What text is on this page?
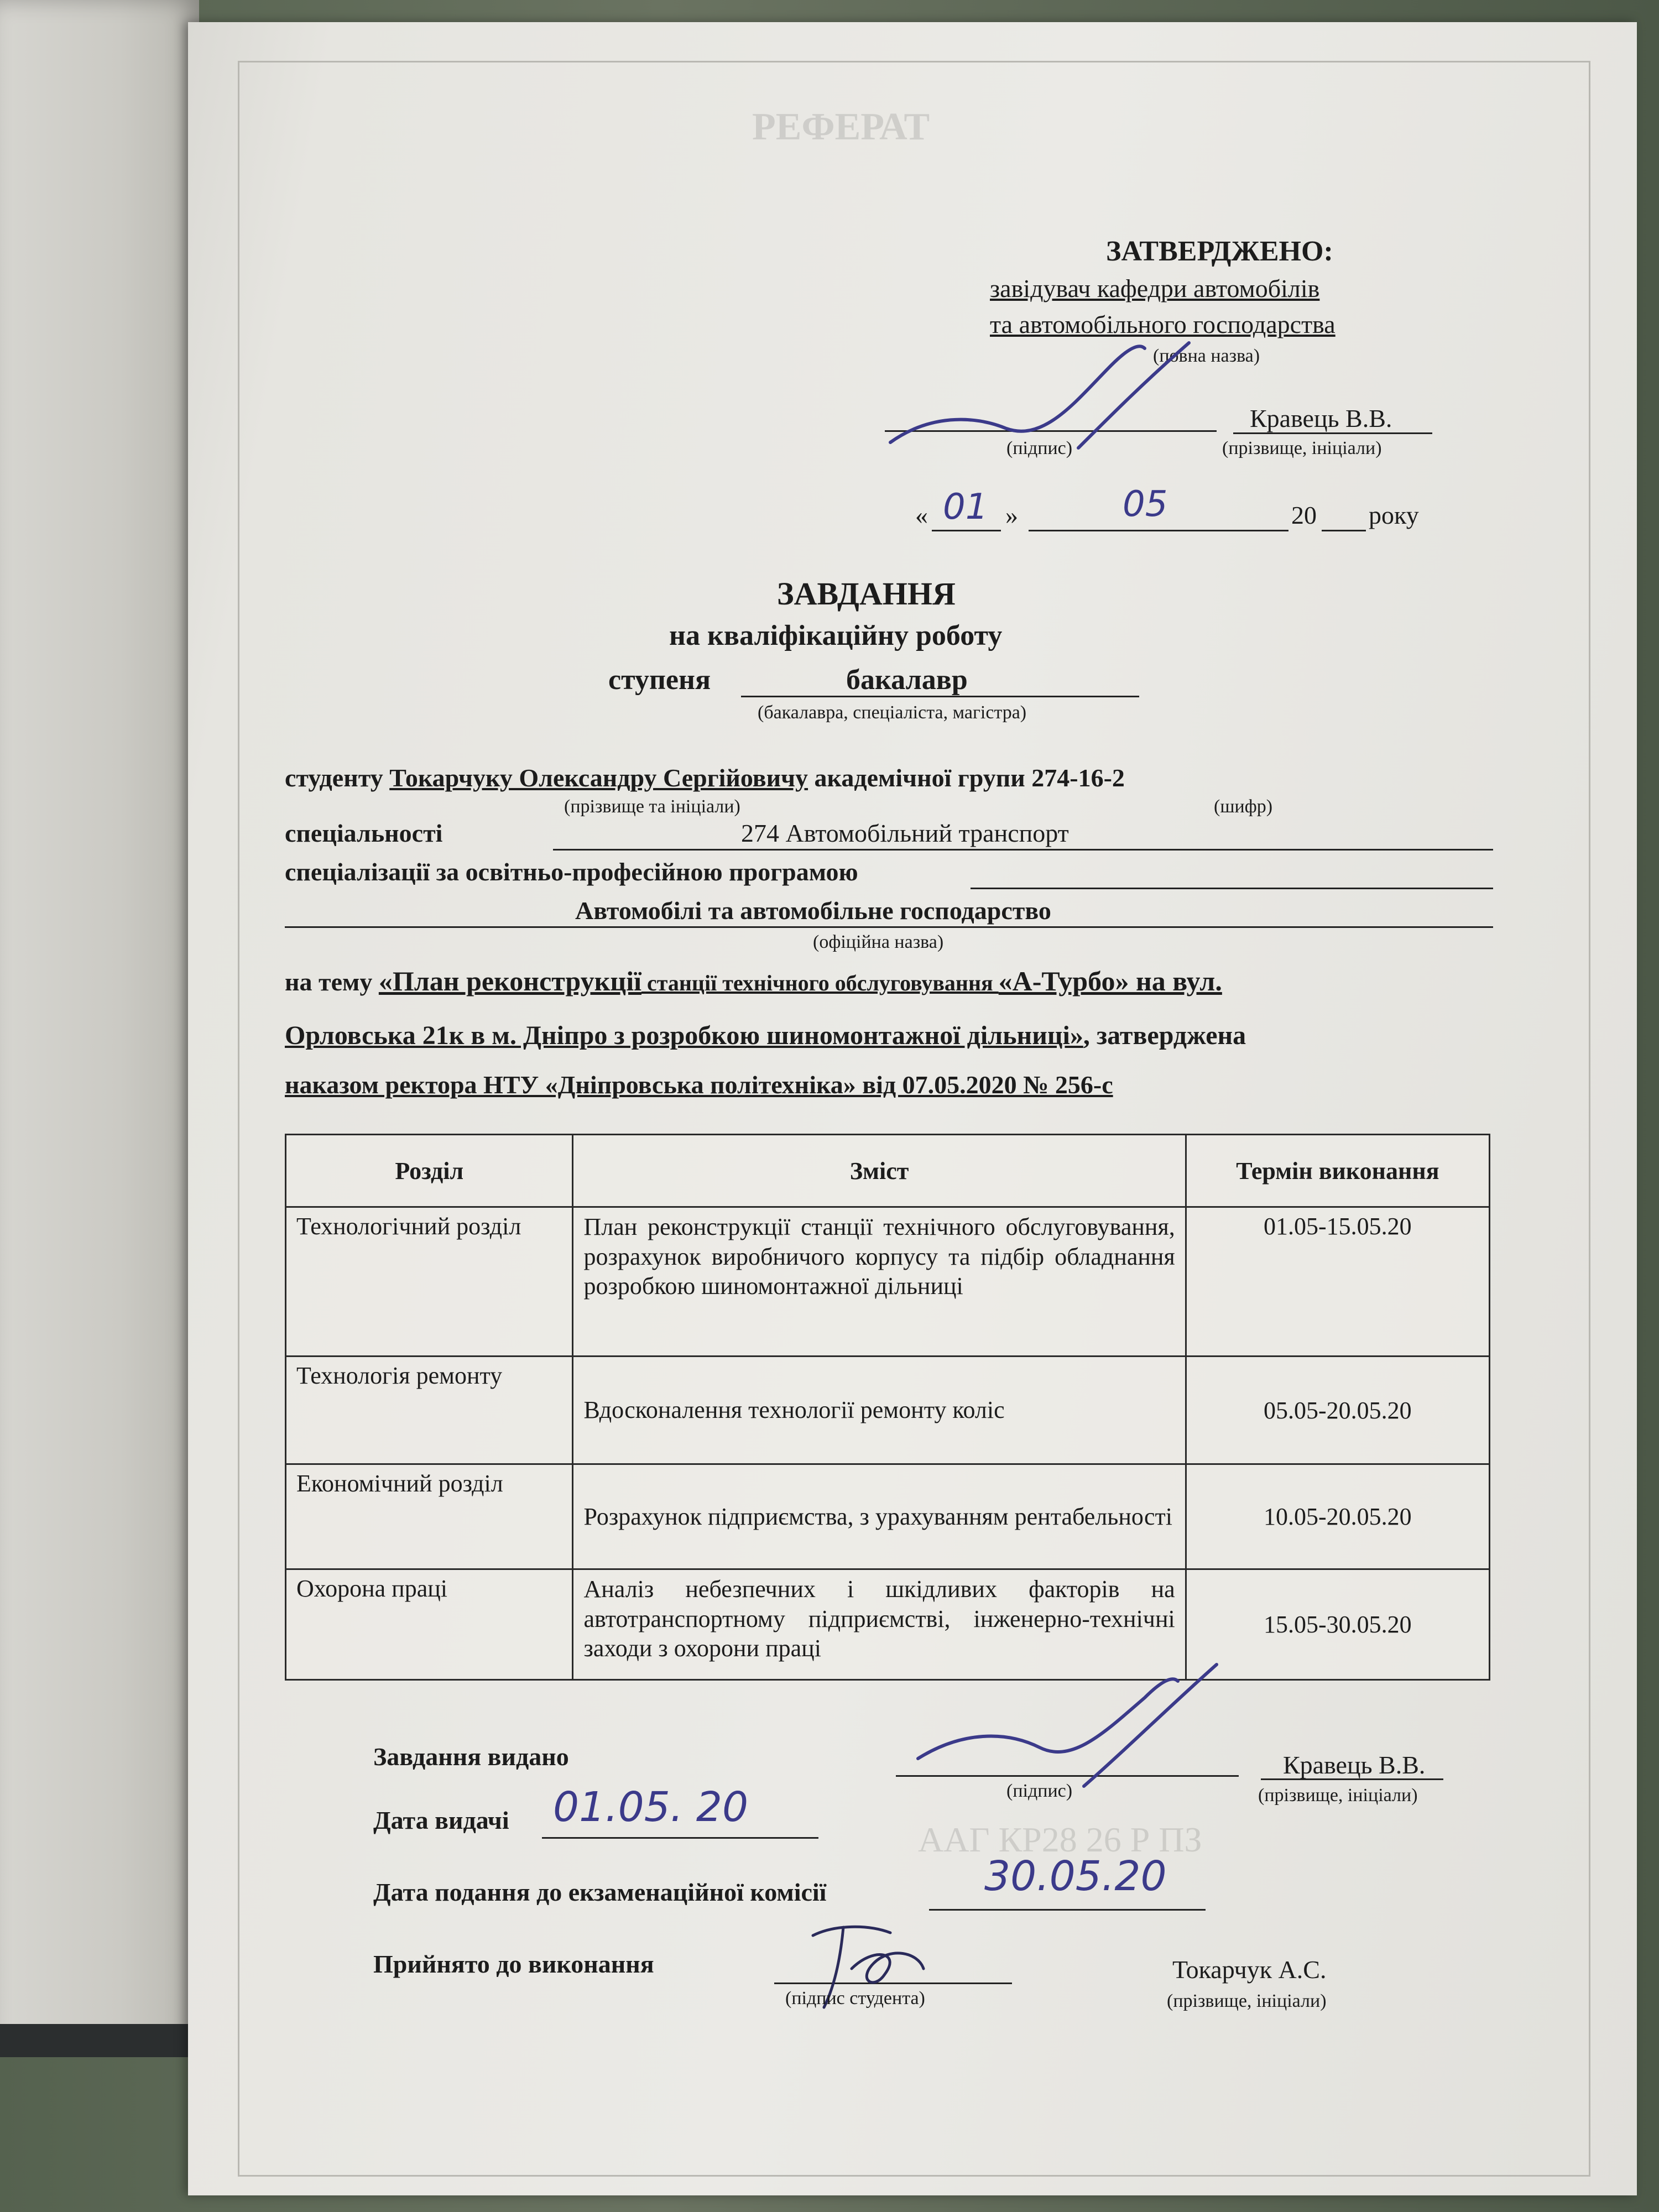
РЕФЕРАТ
ААГ КР28 26 Р ПЗ
ЗАТВЕРДЖЕНО:
завідувач кафедри автомобілів
та автомобільного господарства
(повна назва)
Кравець В.В.
(підпис)	(прізвище, ініціали)
« 01 »	05	20 року
ЗАВДАННЯ
на кваліфікаційну роботу
ступеня	бакалавр
(бакалавра, спеціаліста, магістра)
студенту Токарчуку Олександру Сергійовичу академічної групи 274-16-2
(прізвище та ініціали)	(шифр)
спеціальності	274 Автомобільний транспорт
спеціалізації за освітньо-професійною програмою
Автомобілі та автомобільне господарство
(офіційна назва)
на тему «План реконструкції станції технічного обслуговування «А-Турбо» на вул.
Орловська 21к в м. Дніпро з розробкою шиномонтажної дільниці», затверджена
наказом ректора НТУ «Дніпровська політехніка» від 07.05.2020 № 256-с
Розділ	Зміст	Термін виконання
Технологічний розділ	План реконструкції станції технічного обслуговування, розрахунок виробничого корпусу та підбір обладнання розробкою шиномонтажної дільниці	01.05-15.05.20
Технологія ремонту	Вдосконалення технології ремонту коліс	05.05-20.05.20
Економічний розділ	Розрахунок підприємства, з урахуванням рентабельності	10.05-20.05.20
Охорона праці	Аналіз небезпечних і шкідливих факторів на автотранспортному підприємстві, інженерно-технічні заходи з охорони праці	15.05-30.05.20
Завдання видано
(підпис)
Кравець В.В.
(прізвище, ініціали)
Дата видачі 01.05. 20
Дата подання до екзаменаційної комісії	30.05.20
Прийнято до виконання
(підпис студента)
Токарчук А.С.
(прізвище, ініціали)
